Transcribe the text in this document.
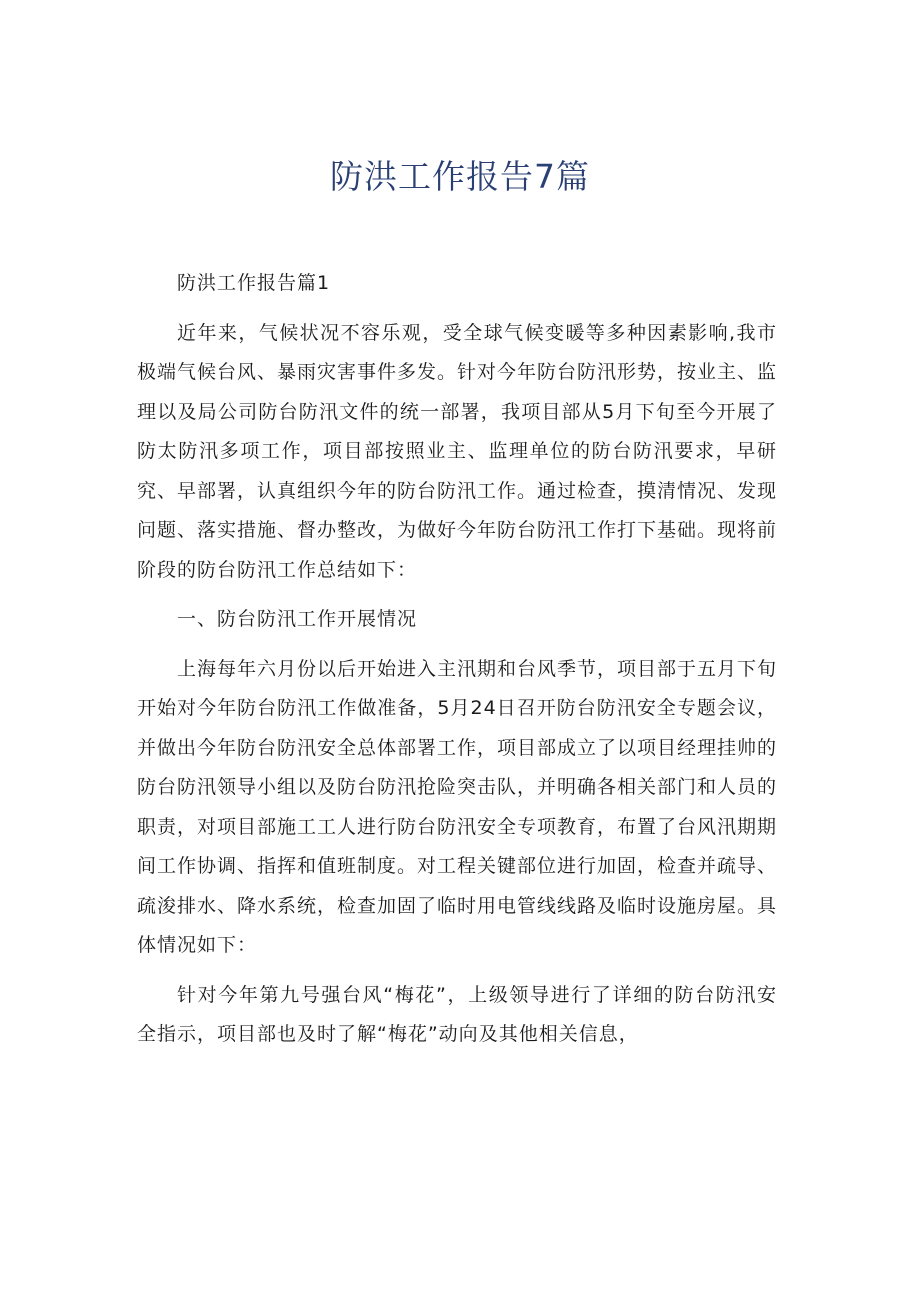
防洪工作报告7篇

防洪工作报告篇1

近年来，气候状况不容乐观，受全球气候变暖等多种因素影响,我市极端气候台风、暴雨灾害事件多发。针对今年防台防汛形势，按业主、监理以及局公司防台防汛文件的统一部署，我项目部从5月下旬至今开展了防太防汛多项工作，项目部按照业主、监理单位的防台防汛要求，早研究、早部署，认真组织今年的防台防汛工作。通过检查，摸清情况、发现问题、落实措施、督办整改，为做好今年防台防汛工作打下基础。现将前阶段的防台防汛工作总结如下：

一、防台防汛工作开展情况

上海每年六月份以后开始进入主汛期和台风季节，项目部于五月下旬开始对今年防台防汛工作做准备，5月24日召开防台防汛安全专题会议，并做出今年防台防汛安全总体部署工作，项目部成立了以项目经理挂帅的防台防汛领导小组以及防台防汛抢险突击队，并明确各相关部门和人员的职责，对项目部施工工人进行防台防汛安全专项教育，布置了台风汛期期间工作协调、指挥和值班制度。对工程关键部位进行加固，检查并疏导、疏浚排水、降水系统，检查加固了临时用电管线线路及临时设施房屋。具体情况如下：

针对今年第九号强台风“梅花”，上级领导进行了详细的防台防汛安全指示，项目部也及时了解“梅花”动向及其他相关信息，
